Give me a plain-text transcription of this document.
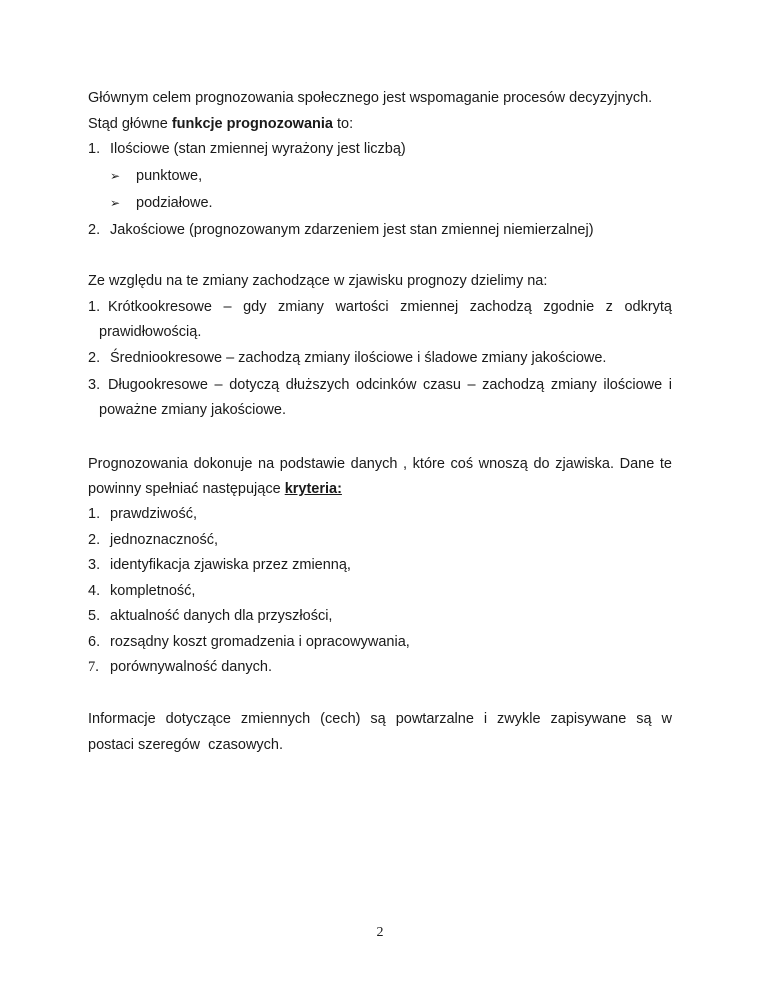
Głównym celem prognozowania społecznego jest wspomaganie procesów decyzyjnych.
Stąd główne funkcje prognozowania to:
1. Ilościowe (stan zmiennej wyrażony jest liczbą)
➢ punktowe,
➢ podziałowe.
2. Jakościowe (prognozowanym zdarzeniem jest stan zmiennej niemierzalnej)
Ze względu na te zmiany zachodzące w zjawisku prognozy dzielimy na:
1. Krótkookresowe – gdy zmiany wartości zmiennej zachodzą zgodnie z odkrytą
prawidłowością.
2. Średniookresowe – zachodzą zmiany ilościowe i śladowe zmiany jakościowe.
3. Długookresowe – dotyczą dłuższych odcinków czasu – zachodzą zmiany ilościowe i
poważne zmiany jakościowe.
Prognozowania dokonuje na podstawie danych , które coś wnoszą do zjawiska. Dane te
powinny spełniać następujące kryteria:
1. prawdziwość,
2. jednoznaczność,
3. identyfikacja zjawiska przez zmienną,
4. kompletność,
5. aktualność danych dla przyszłości,
6. rozsądny koszt gromadzenia i opracowywania,
7. porównywalność danych.
Informacje dotyczące zmiennych (cech) są powtarzalne i zwykle zapisywane są w
postaci szeregów  czasowych.
2
